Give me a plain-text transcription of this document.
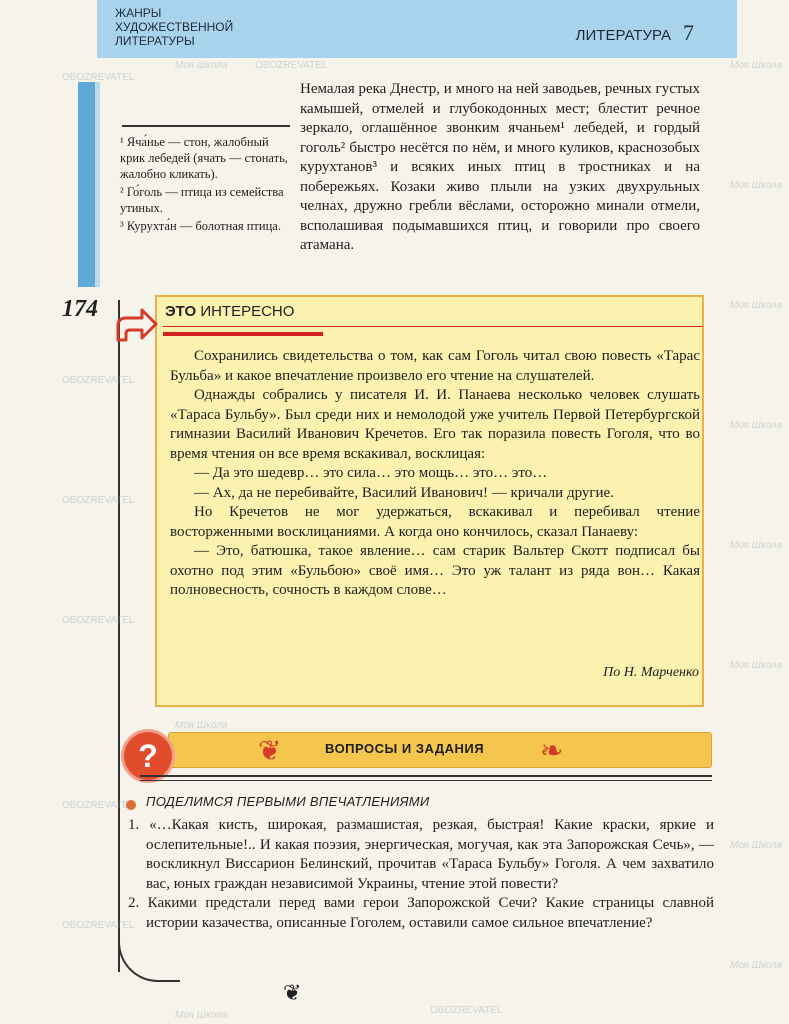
ЖАНРЫ
ХУДОЖЕСТВЕННОЙ
ЛИТЕРАТУРЫ	ЛИТЕРАТУРА 7
174

¹ Яча́нье — стон, жалобный крик лебедей (ячать — стонать, жалобно кликать).

² Го́голь — птица из семейства утиных.

³ Курухта́н — болотная птица.

Немалая река Днестр, и много на ней заводьев, речных густых камышей, отмелей и глубокодонных мест; блестит речное зеркало, оглашённое звонким ячаньем¹ лебедей, и гордый гоголь² быстро несётся по нём, и много куликов, краснозобых курухтанов³ и всяких иных птиц в тростниках и на побережьях. Козаки живо плыли на узких двухрульных челнах, дружно гребли вёслами, осторожно минали отмели, всполашивая подымавшихся птиц, и говорили про своего атамана.
ЭТО ИНТЕРЕСНО

Сохранились свидетельства о том, как сам Гоголь читал свою повесть «Тарас Бульба» и какое впечатление произвело его чтение на слушателей.

Однажды собрались у писателя И. И. Панаева несколько человек слушать «Тараса Бульбу». Был среди них и немолодой уже учитель Первой Петербургской гимназии Василий Иванович Кречетов. Его так поразила повесть Гоголя, что во время чтения он все время вскакивал, восклицая:

— Да это шедевр… это сила… это мощь… это… это…

— Ах, да не перебивайте, Василий Иванович! — кричали другие.

Но Кречетов не мог удержаться, вскакивал и перебивал чтение восторженными восклицаниями. А когда оно кончилось, сказал Панаеву:

— Это, батюшка, такое явление… сам старик Вальтер Скотт подписал бы охотно под этим «Бульбою» своё имя… Это уж талант из ряда вон… Какая полновесность, сочность в каждом слове…

По Н. Марченко
?	❦	❧
ВОПРОСЫ И ЗАДАНИЯ
ПОДЕЛИМСЯ ПЕРВЫМИ ВПЕЧАТЛЕНИЯМИ
1. «…Какая кисть, широкая, размашистая, резкая, быстрая! Какие краски, яркие и ослепительные!.. И какая поэзия, энергическая, могучая, как эта Запорожская Сечь», — воскликнул Виссарион Белинский, прочитав «Тараса Бульбу» Гоголя. А чем захватило вас, юных граждан независимой Украины, чтение этой повести?
2. Какими предстали перед вами герои Запорожской Сечи? Какие страницы славной истории казачества, описанные Гоголем, оставили самое сильное впечатление?
❦
Моя Школа	OBOZREVATEL	Моя Школа
OBOZREVATEL
Моя Школа
Моя Школа
OBOZREVATEL
Моя Школа
OBOZREVATEL
Моя Школа
OBOZREVATEL
Моя Школа
Моя Школа
OBOZREVATEL
Моя Школа
OBOZREVATEL
Моя Школа
Моя Школа	OBOZREVATEL
